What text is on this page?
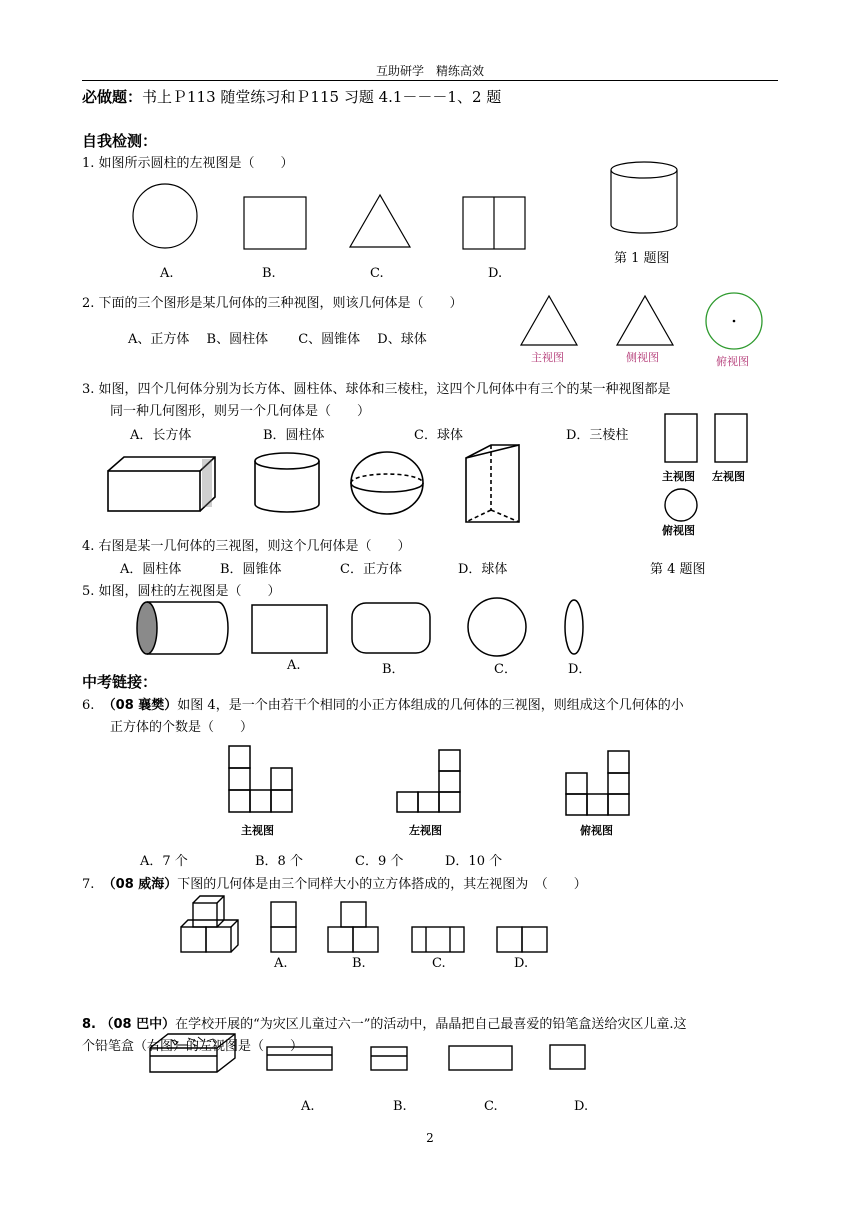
互助研学　精练高效
必做题：书上Ｐ113 随堂练习和Ｐ115 习题 4.1－－－1、2 题
自我检测：
1. 如图所示圆柱的左视图是（　　）
A.	B.	C.	D.
第 1 题图
2. 下面的三个图形是某几何体的三种视图，则该几何体是（　　）
A、正方体　 B、圆柱体　　 C、圆锥体　 D、球体
主视图	侧视图	俯视图
3. 如图，四个几何体分别为长方体、圆柱体、球体和三棱柱，这四个几何体中有三个的某一种视图都是
同一种几何图形，则另一个几何体是（　　）
A．长方体	B．圆柱体	C．球体	D．三棱柱
主视图 左视图
俯视图
4. 右图是某一几何体的三视图，则这个几何体是（　　）
A．圆柱体	B．圆锥体	C．正方体	D．球体	第 4 题图
5. 如图，圆柱的左视图是（　　）
A.	B．	C．	D．
中考链接：
6. （08 襄樊）如图 4，是一个由若干个相同的小正方体组成的几何体的三视图，则组成这个几何体的小
正方体的个数是（　　）
主视图	左视图	俯视图
A．7 个	B．8 个	C．9 个	D．10 个
7. （08 威海）下图的几何体是由三个同样大小的立方体搭成的，其左视图为　（　　）
A.	B.	C.	D.
8. （08 巴中）在学校开展的“为灾区儿童过六一”的活动中，晶晶把自己最喜爱的铅笔盒送给灾区儿童.这
个铅笔盒（右图）的左视图是（　　）
A.	B.	C.	D.
2
